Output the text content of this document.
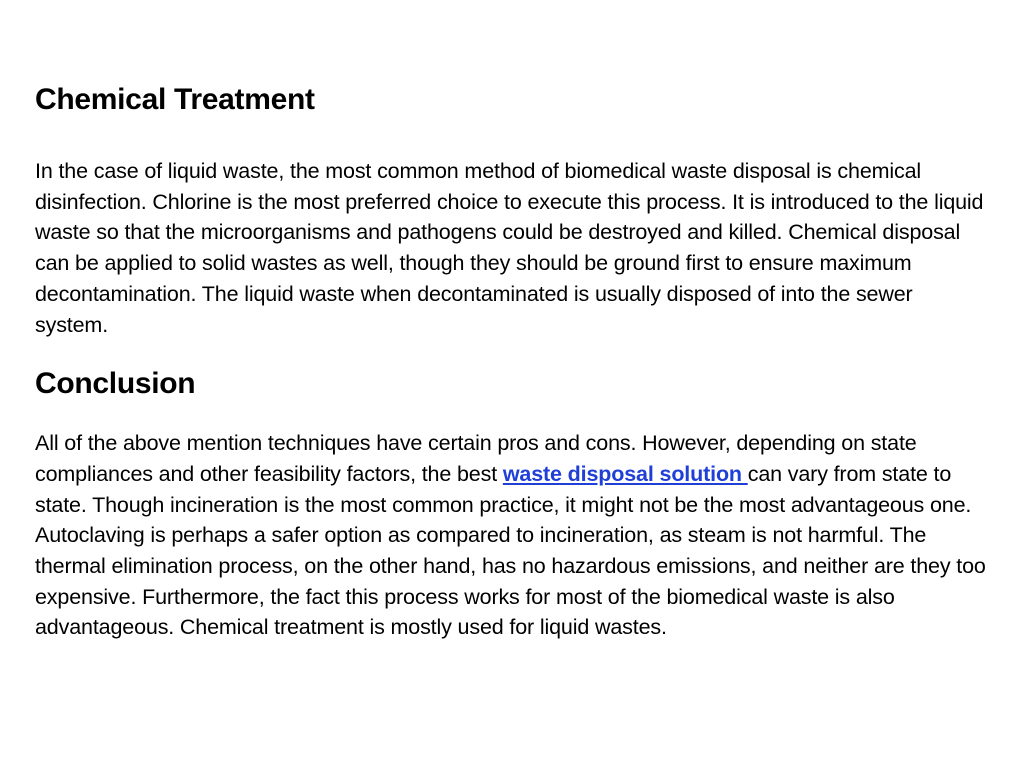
Chemical Treatment

In the case of liquid waste, the most common method of biomedical waste disposal is chemical disinfection. Chlorine is the most preferred choice to execute this process. It is introduced to the liquid waste so that the microorganisms and pathogens could be destroyed and killed. Chemical disposal can be applied to solid wastes as well, though they should be ground first to ensure maximum decontamination. The liquid waste when decontaminated is usually disposed of into the sewer system.

Conclusion

All of the above mention techniques have certain pros and cons. However, depending on state compliances and other feasibility factors, the best waste disposal solution can vary from state to state. Though incineration is the most common practice, it might not be the most advantageous one. Autoclaving is perhaps a safer option as compared to incineration, as steam is not harmful. The thermal elimination process, on the other hand, has no hazardous emissions, and neither are they too expensive. Furthermore, the fact this process works for most of the biomedical waste is also advantageous. Chemical treatment is mostly used for liquid wastes.
